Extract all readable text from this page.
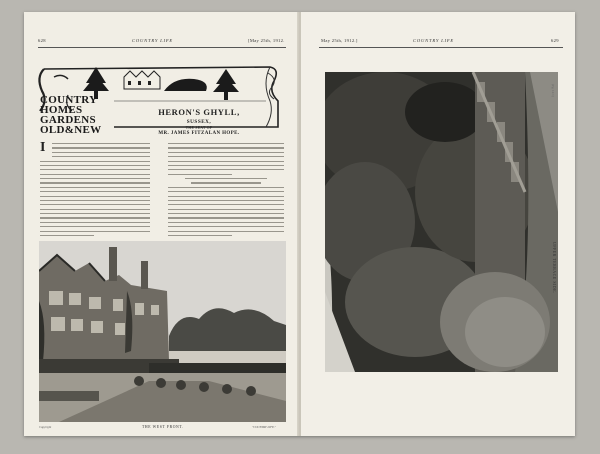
628	COUNTRY LIFE	[May 25th, 1912.
COUNTRY
HOMES
GARDENS
OLD&NEW
HERON'S GHYLL,
SUSSEX,
THE SEAT OF
MR. JAMES FITZALAN HOPE.
I
Copyright	THE WEST FRONT.	"COUNTRY LIFE."
May 25th, 1912.]	COUNTRY LIFE	629
(Pg. 12/1)
UPPER TERRACE SIDE.
